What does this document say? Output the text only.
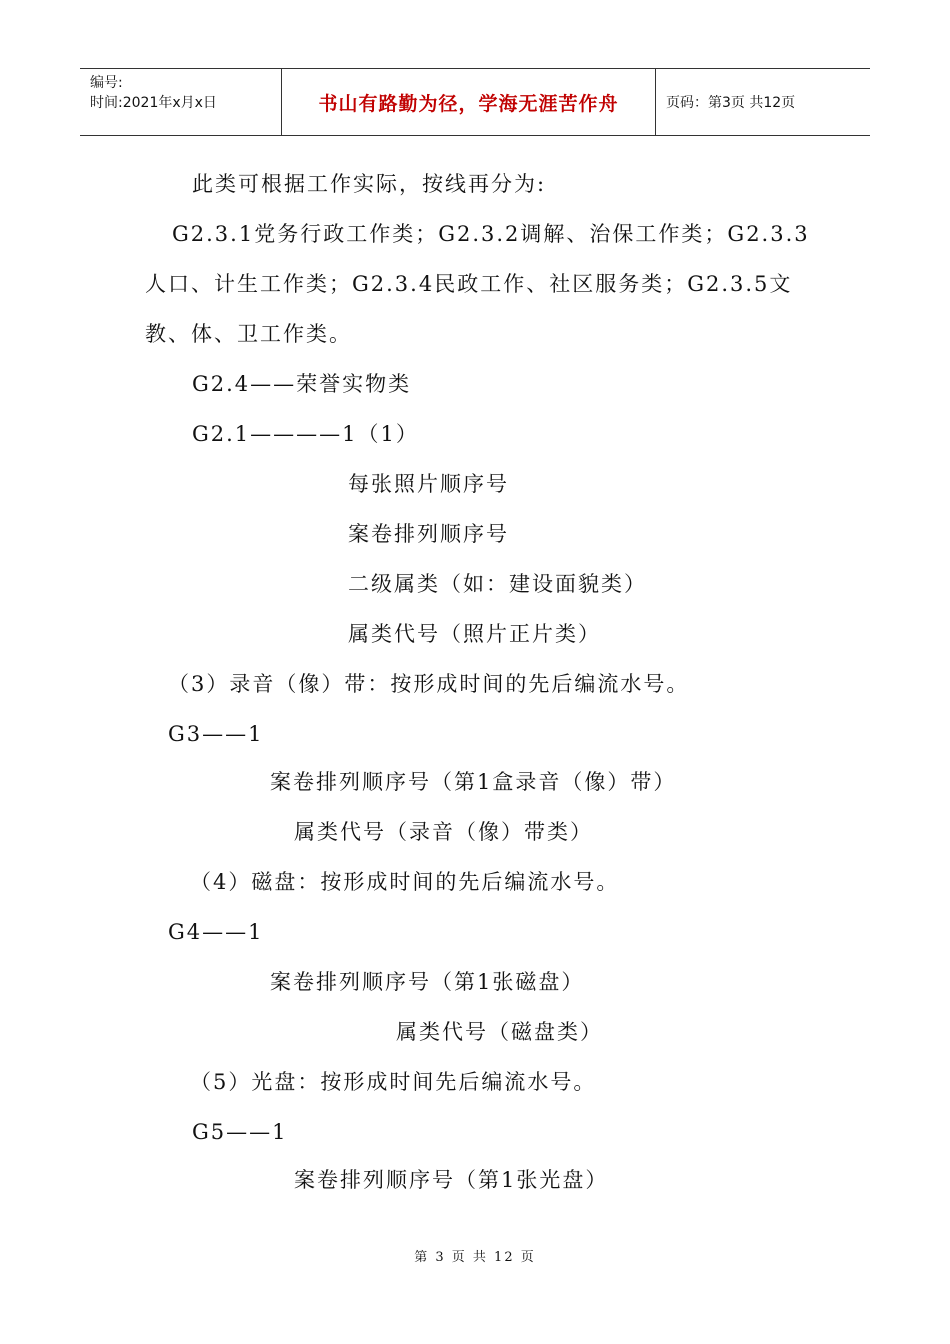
编号:
时间:2021年x月x日	书山有路勤为径，学海无涯苦作舟	页码：第3页 共12页
此类可根据工作实际，按线再分为:
G2.3.1党务行政工作类；G2.3.2调解、治保工作类；G2.3.3
人口、计生工作类；G2.3.4民政工作、社区服务类；G2.3.5文
教、体、卫工作类。
G2.4——荣誉实物类
G2.1————1（1）
每张照片顺序号
案卷排列顺序号
二级属类（如：建设面貌类）
属类代号（照片正片类）
（3）录音（像）带：按形成时间的先后编流水号。
G3——1
案卷排列顺序号（第1盒录音（像）带）
属类代号（录音（像）带类）
（4）磁盘：按形成时间的先后编流水号。
G4——1
案卷排列顺序号（第1张磁盘）
属类代号（磁盘类）
（5）光盘：按形成时间先后编流水号。
G5——1
案卷排列顺序号（第1张光盘）
第 3 页 共 12 页
